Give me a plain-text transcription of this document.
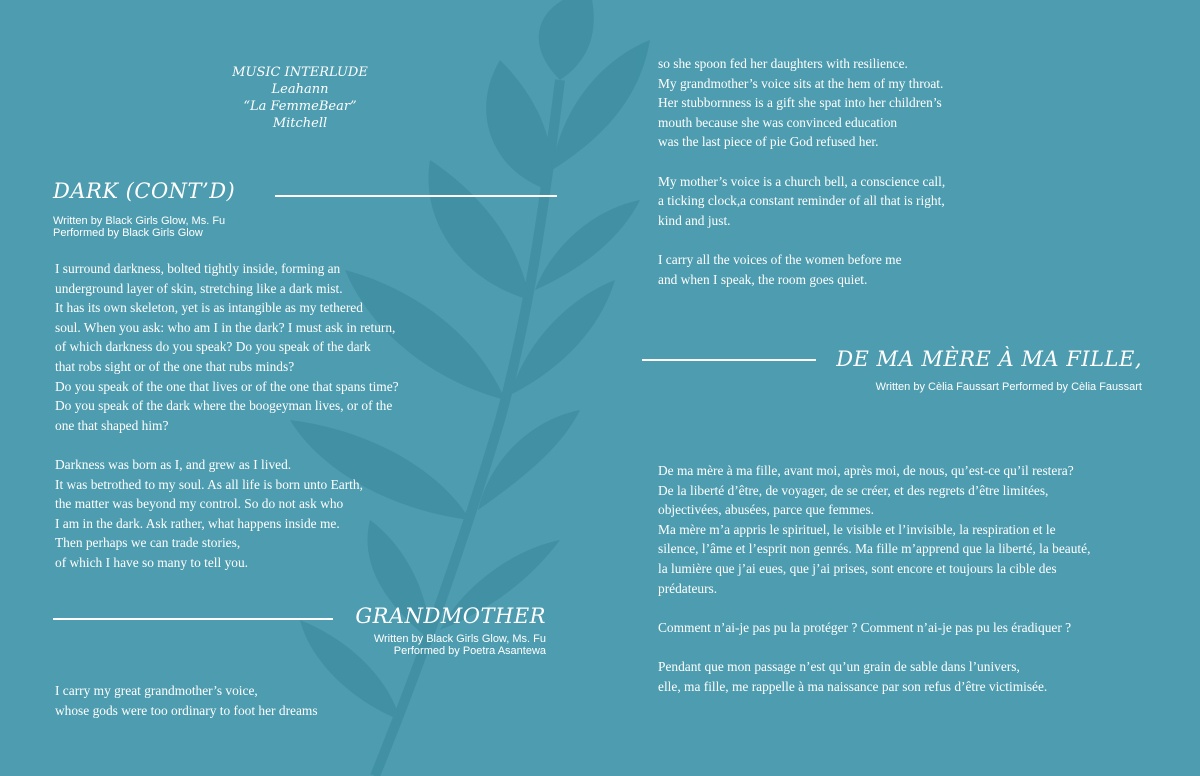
MUSIC INTERLUDE
Leahann
“La FemmeBear”
Mitchell
DARK (CONT’D)
Written by Black Girls Glow, Ms. Fu
Performed by Black Girls Glow
I surround darkness, bolted tightly inside, forming an
underground layer of skin, stretching like a dark mist.
It has its own skeleton, yet is as intangible as my tethered
soul. When you ask: who am I in the dark? I must ask in return,
of which darkness do you speak? Do you speak of the dark
that robs sight or of the one that rubs minds?
Do you speak of the one that lives or of the one that spans time?
Do you speak of the dark where the boogeyman lives, or of the
one that shaped him?
Darkness was born as I, and grew as I lived.
It was betrothed to my soul. As all life is born unto Earth,
the matter was beyond my control. So do not ask who
I am in the dark. Ask rather, what happens inside me.
Then perhaps we can trade stories,
of which I have so many to tell you.
GRANDMOTHER
Written by Black Girls Glow, Ms. Fu
Performed by Poetra Asantewa
I carry my great grandmother’s voice,
whose gods were too ordinary to foot her dreams
so she spoon fed her daughters with resilience.
My grandmother’s voice sits at the hem of my throat.
Her stubbornness is a gift she spat into her children’s
mouth because she was convinced education
was the last piece of pie God refused her.
My mother’s voice is a church bell, a conscience call,
a ticking clock,a constant reminder of all that is right,
kind and just.
I carry all the voices of the women before me
and when I speak, the room goes quiet.
DE MA MÈRE À MA FILLE,
Written by Cèlia Faussart Performed by Cèlia Faussart
De ma mère à ma fille, avant moi, après moi, de nous, qu’est-ce qu’il restera?
De la liberté d’être, de voyager, de se créer, et des regrets d’être limitées,
objectivées, abusées, parce que femmes.
Ma mère m’a appris le spirituel, le visible et l’invisible, la respiration et le
silence, l’âme et l’esprit non genrés. Ma fille m’apprend que la liberté, la beauté,
la lumière que j’ai eues, que j’ai prises, sont encore et toujours la cible des
prédateurs.
Comment n’ai-je pas pu la protéger ? Comment n’ai-je pas pu les éradiquer ?
Pendant que mon passage n’est qu’un grain de sable dans l’univers,
elle, ma fille, me rappelle à ma naissance par son refus d’être victimisée.
